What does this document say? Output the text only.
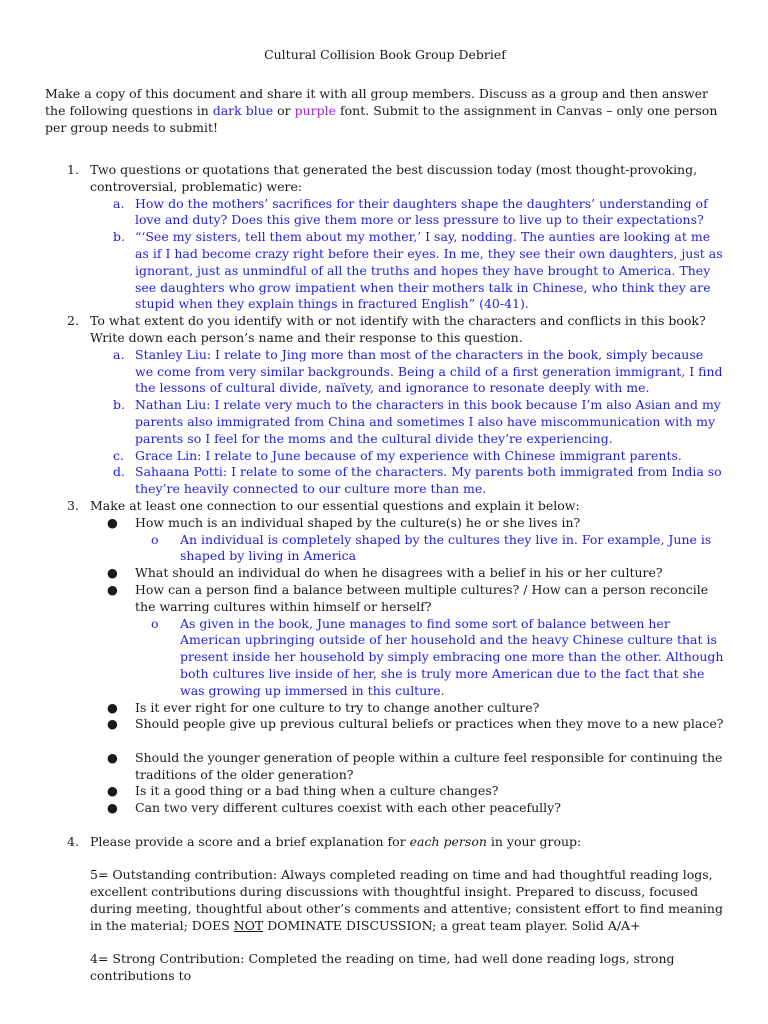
Cultural Collision Book Group Debrief
Make a copy of this document and share it with all group members. Discuss as a group and then answer the following questions in dark blue or purple font. Submit to the assignment in Canvas – only one person per group needs to submit!
1. Two questions or quotations that generated the best discussion today (most thought-provoking, controversial, problematic) were:
a. How do the mothers’ sacrifices for their daughters shape the daughters’ understanding of love and duty? Does this give them more or less pressure to live up to their expectations?
b. “‘See my sisters, tell them about my mother,’ I say, nodding. The aunties are looking at me as if I had become crazy right before their eyes. In me, they see their own daughters, just as ignorant, just as unmindful of all the truths and hopes they have brought to America. They see daughters who grow impatient when their mothers talk in Chinese, who think they are stupid when they explain things in fractured English” (40-41).
2. To what extent do you identify with or not identify with the characters and conflicts in this book? Write down each person’s name and their response to this question.
a. Stanley Liu: I relate to Jing more than most of the characters in the book, simply because we come from very similar backgrounds. Being a child of a first generation immigrant, I find the lessons of cultural divide, naïvety, and ignorance to resonate deeply with me.
b. Nathan Liu: I relate very much to the characters in this book because I’m also Asian and my parents also immigrated from China and sometimes I also have miscommunication with my parents so I feel for the moms and the cultural divide they’re experiencing.
c. Grace Lin: I relate to June because of my experience with Chinese immigrant parents.
d. Sahaana Potti: I relate to some of the characters. My parents both immigrated from India so they’re heavily connected to our culture more than me.
3. Make at least one connection to our essential questions and explain it below:
● How much is an individual shaped by the culture(s) he or she lives in?
o An individual is completely shaped by the cultures they live in. For example, June is shaped by living in America
● What should an individual do when he disagrees with a belief in his or her culture?
● How can a person find a balance between multiple cultures? / How can a person reconcile the warring cultures within himself or herself?
o As given in the book, June manages to find some sort of balance between her American upbringing outside of her household and the heavy Chinese culture that is present inside her household by simply embracing one more than the other. Although both cultures live inside of her, she is truly more American due to the fact that she was growing up immersed in this culture.
● Is it ever right for one culture to try to change another culture?
● Should people give up previous cultural beliefs or practices when they move to a new place?
● Should the younger generation of people within a culture feel responsible for continuing the traditions of the older generation?
● Is it a good thing or a bad thing when a culture changes?
● Can two very different cultures coexist with each other peacefully?
4. Please provide a score and a brief explanation for each person in your group:
5= Outstanding contribution: Always completed reading on time and had thoughtful reading logs, excellent contributions during discussions with thoughtful insight. Prepared to discuss, focused during meeting, thoughtful about other’s comments and attentive; consistent effort to find meaning in the material; DOES NOT DOMINATE DISCUSSION; a great team player. Solid A/A+
4= Strong Contribution: Completed the reading on time, had well done reading logs, strong contributions to
